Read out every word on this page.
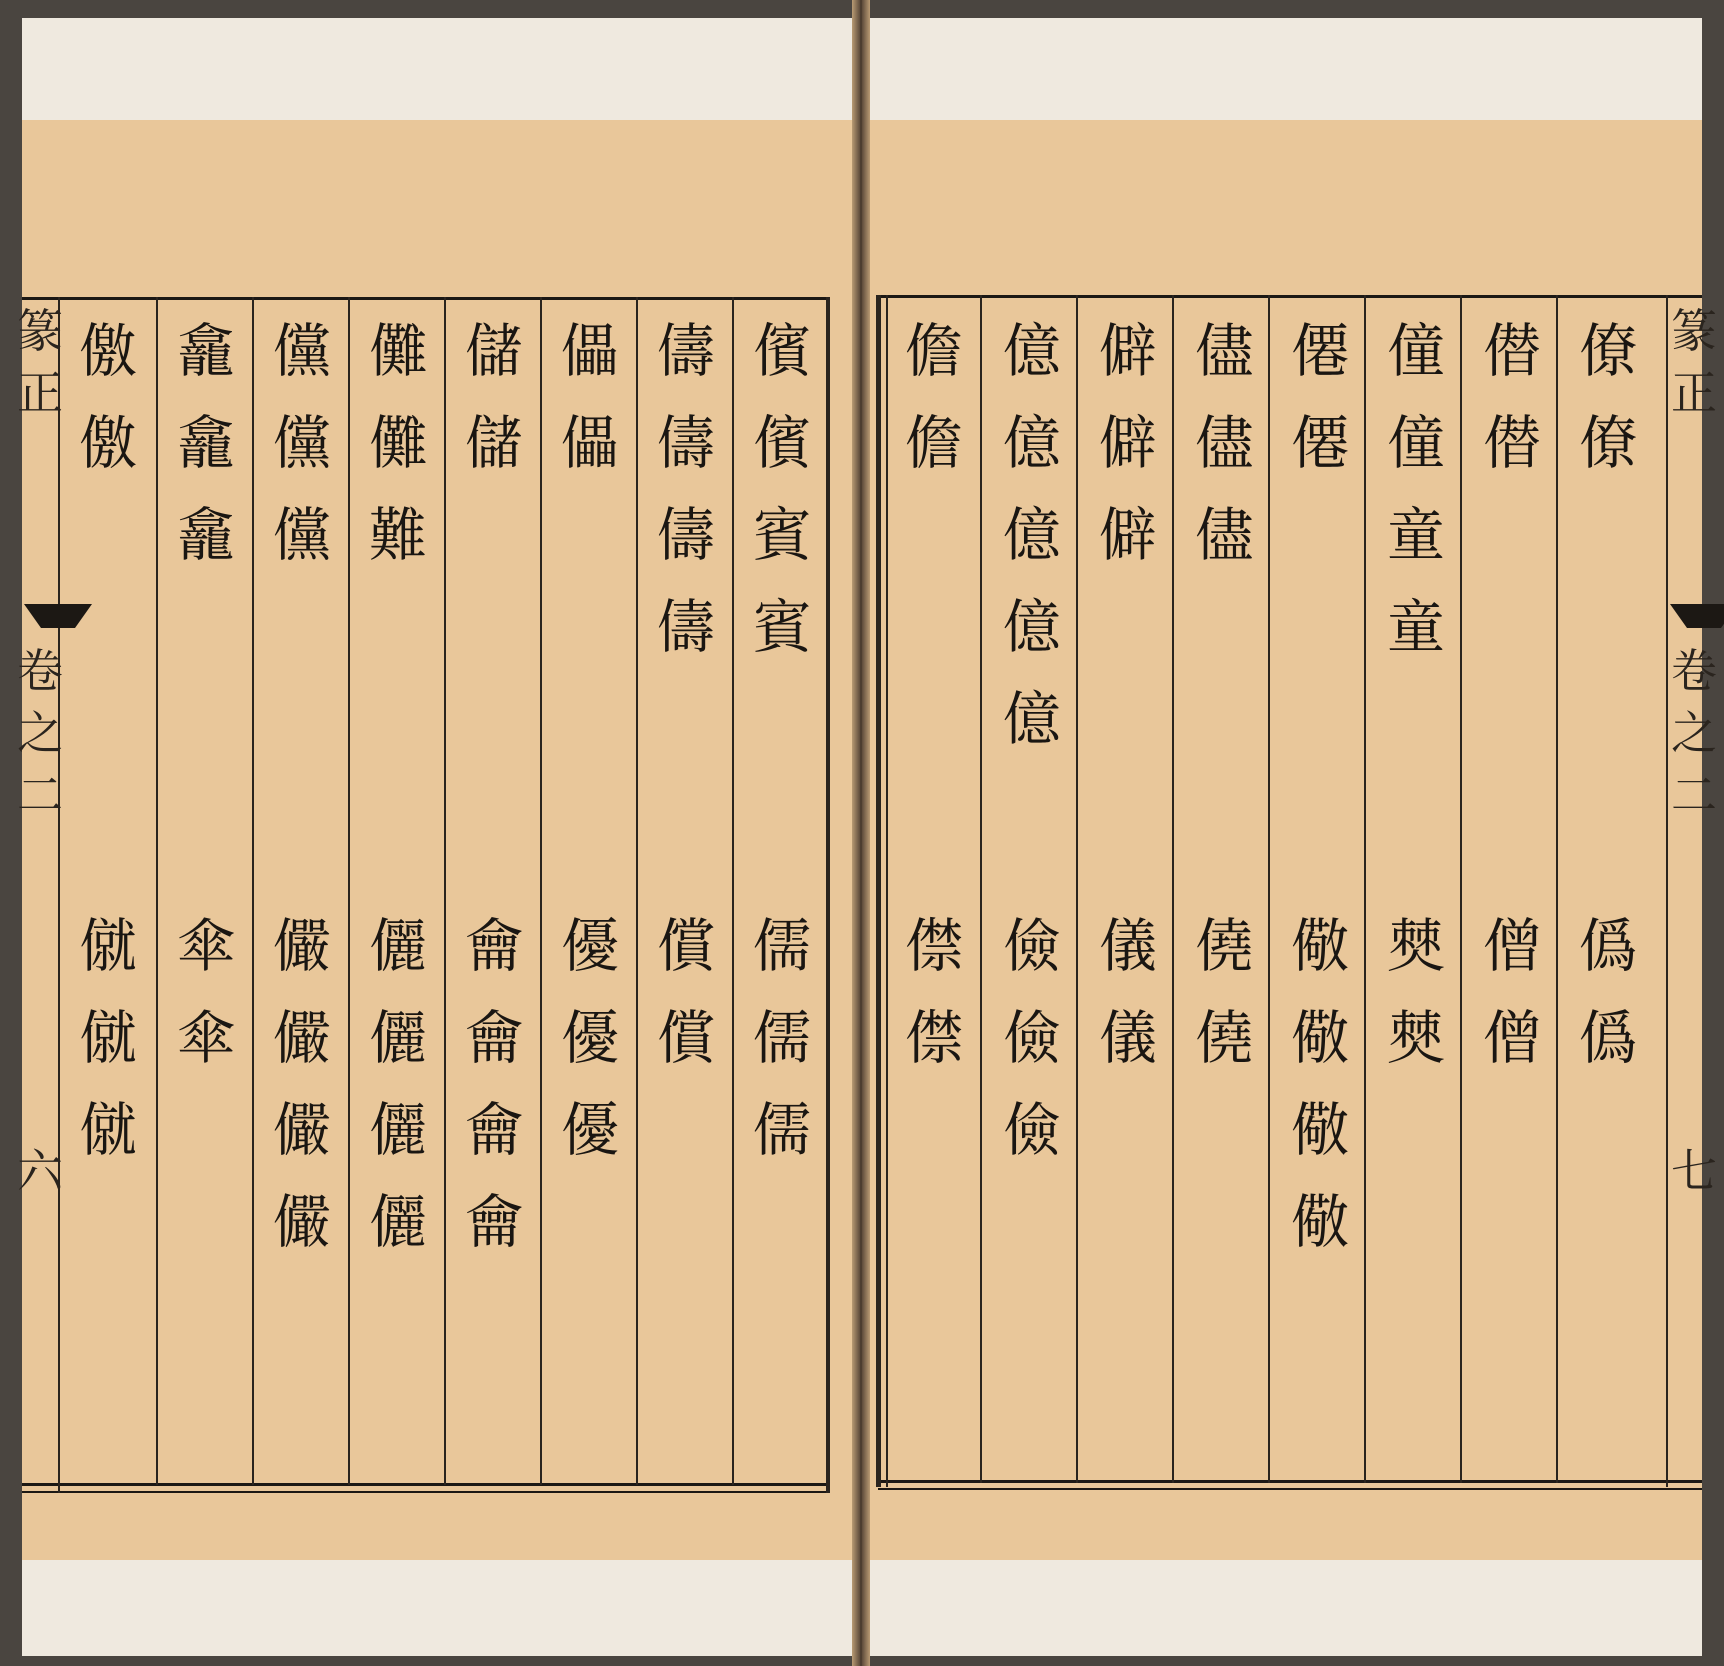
篆
正
卷
之
二
六
儐
儐
賓
賓
儒
儒
儒
儔
儔
儔
儔
償
償
儡
儡
優
優
優
儲
儲
龠
龠
龠
龠
儺
儺
難
儷
儷
儷
儷
儻
儻
儻
儼
儼
儼
儼
龕
龕
龕
傘
傘
儌
儌
僦
僦
僦
篆
正
卷
之
二
七
僚
僚
僞
僞
僣
僣
僧
僧
僮
僮
童
童
僰
僰
僊
僊
儆
儆
儆
儆
儘
儘
儘
僥
僥
僻
僻
僻
儀
儀
億
億
億
億
億
儉
儉
儉
儋
儋
僸
僸
